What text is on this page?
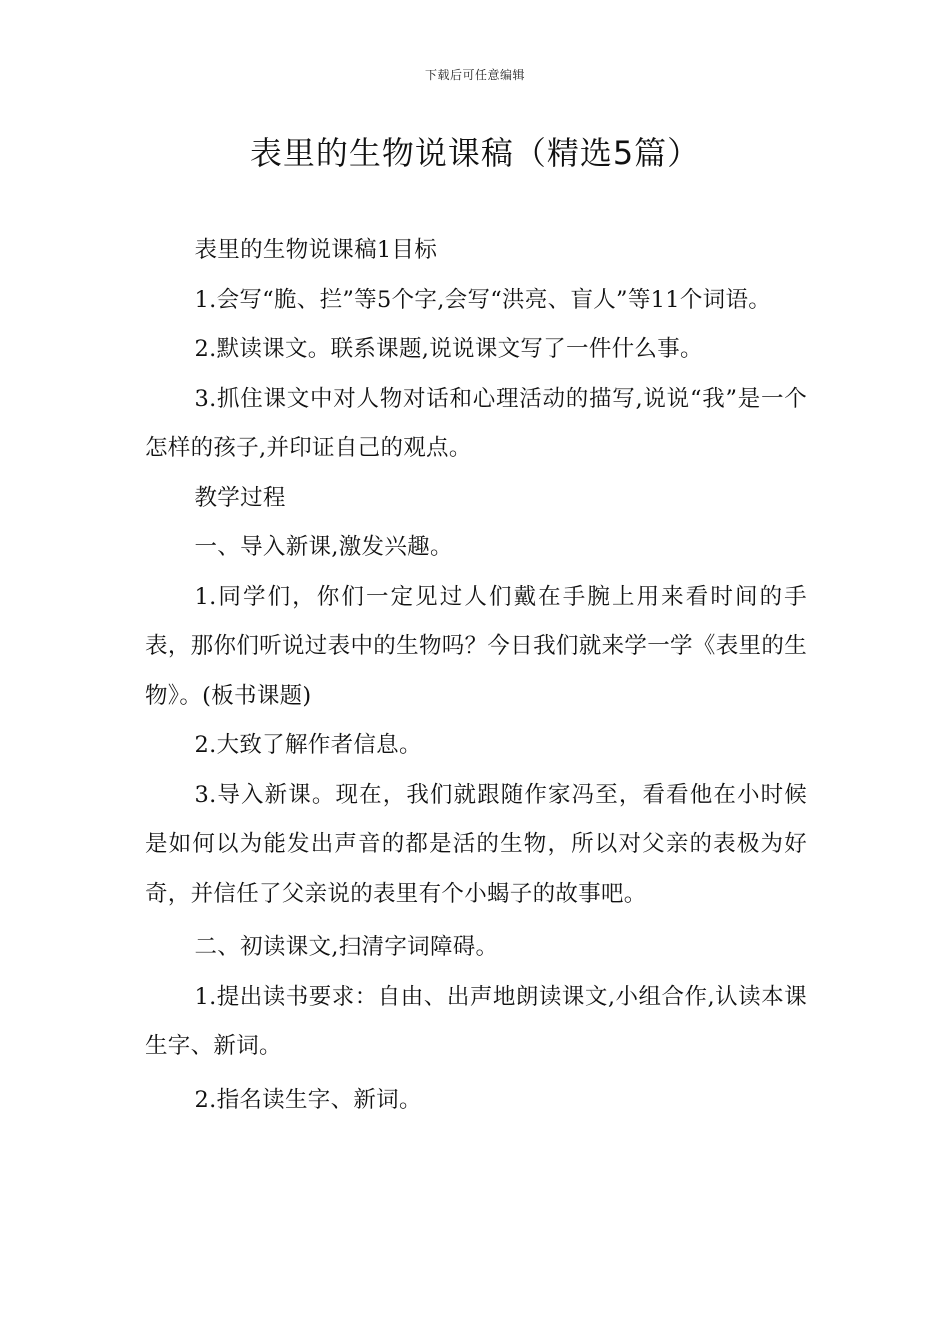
下载后可任意编辑
表里的生物说课稿（精选5篇）

表里的生物说课稿1目标

1.会写“脆、拦”等5个字,会写“洪亮、盲人”等11个词语。

2.默读课文。联系课题,说说课文写了一件什么事。

3.抓住课文中对人物对话和心理活动的描写,说说“我”是一个怎样的孩子,并印证自己的观点。

教学过程

一、导入新课,激发兴趣。

1.同学们，你们一定见过人们戴在手腕上用来看时间的手表，那你们听说过表中的生物吗？今日我们就来学一学《表里的生物》。(板书课题)

2.大致了解作者信息。

3.导入新课。现在，我们就跟随作家冯至，看看他在小时候是如何以为能发出声音的都是活的生物，所以对父亲的表极为好奇，并信任了父亲说的表里有个小蝎子的故事吧。

二、初读课文,扫清字词障碍。

1.提出读书要求：自由、出声地朗读课文,小组合作,认读本课生字、新词。

2.指名读生字、新词。
